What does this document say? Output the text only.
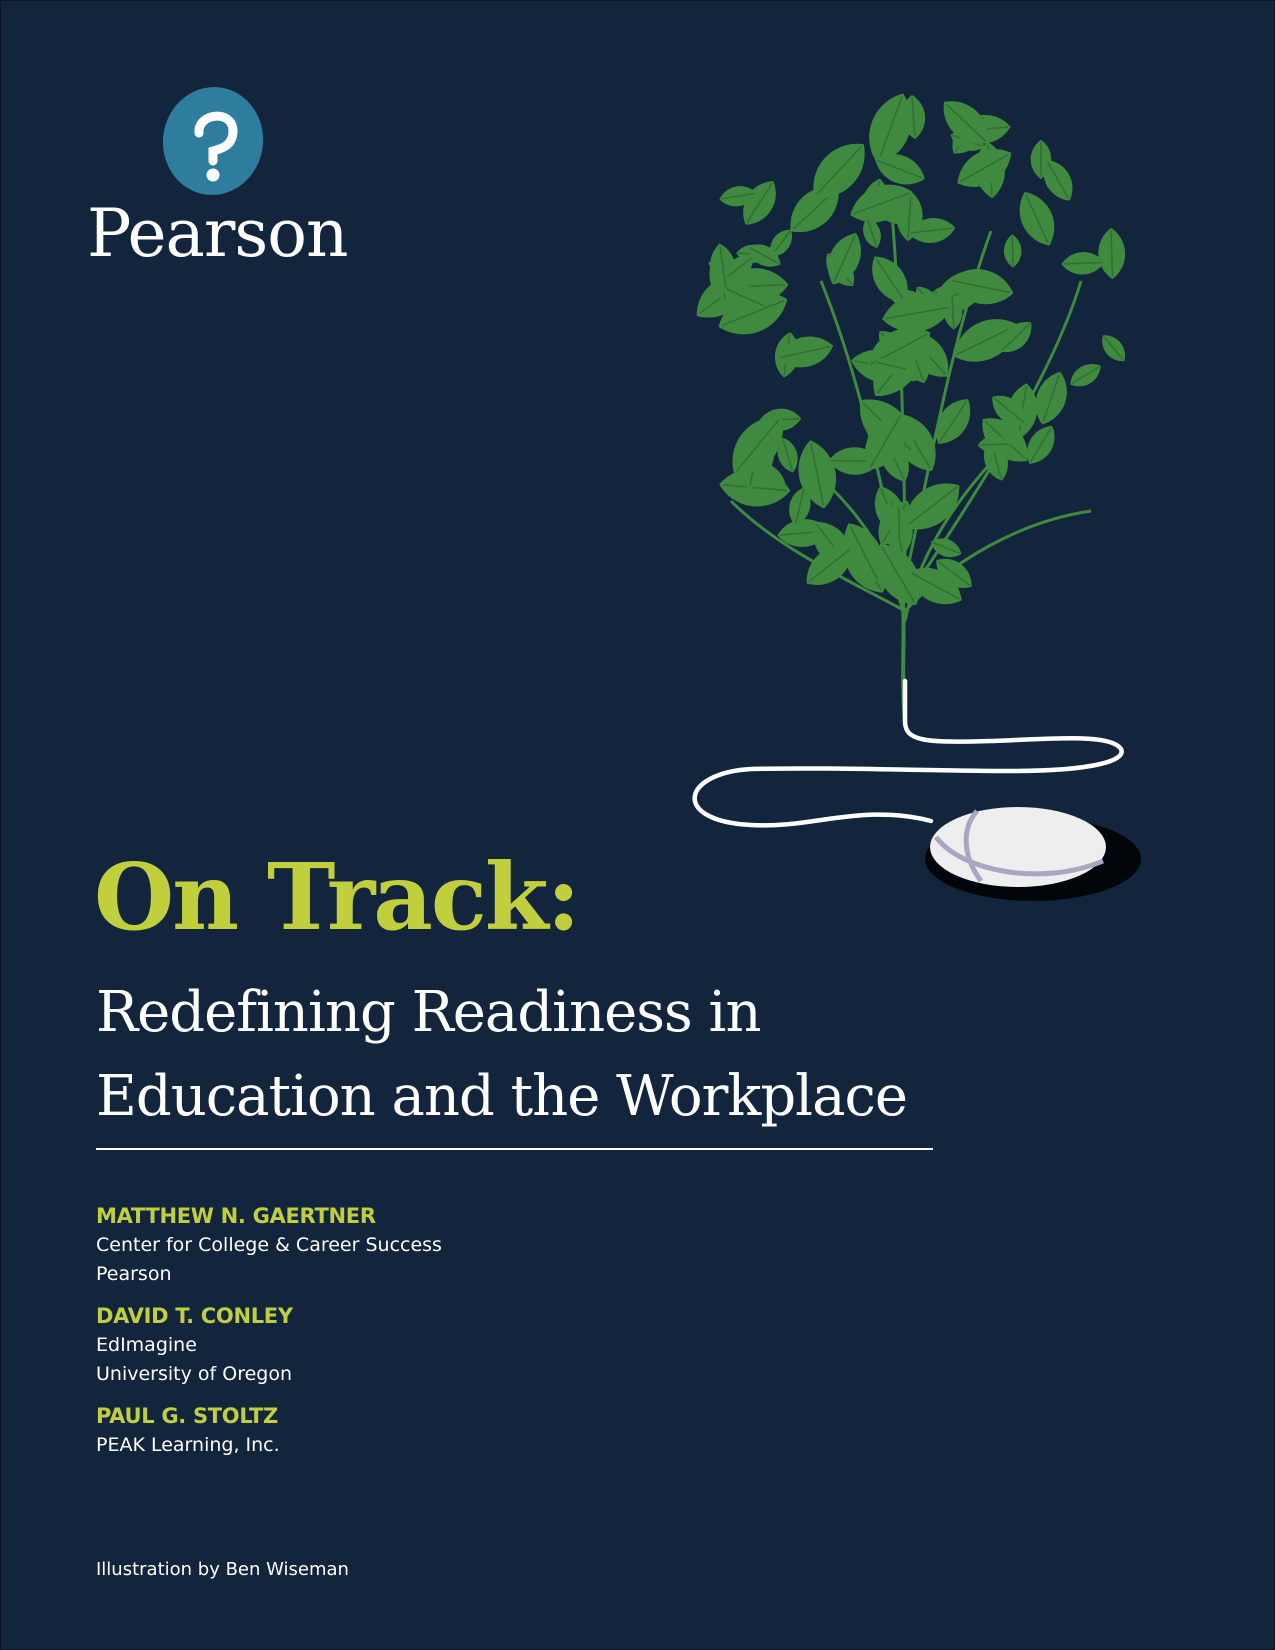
Pearson
On Track:
Redefining Readiness in
Education and the Workplace
MATTHEW N. GAERTNER
Center for College & Career Success
Pearson
DAVID T. CONLEY
EdImagine
University of Oregon
PAUL G. STOLTZ
PEAK Learning, Inc.
Illustration by Ben Wiseman
